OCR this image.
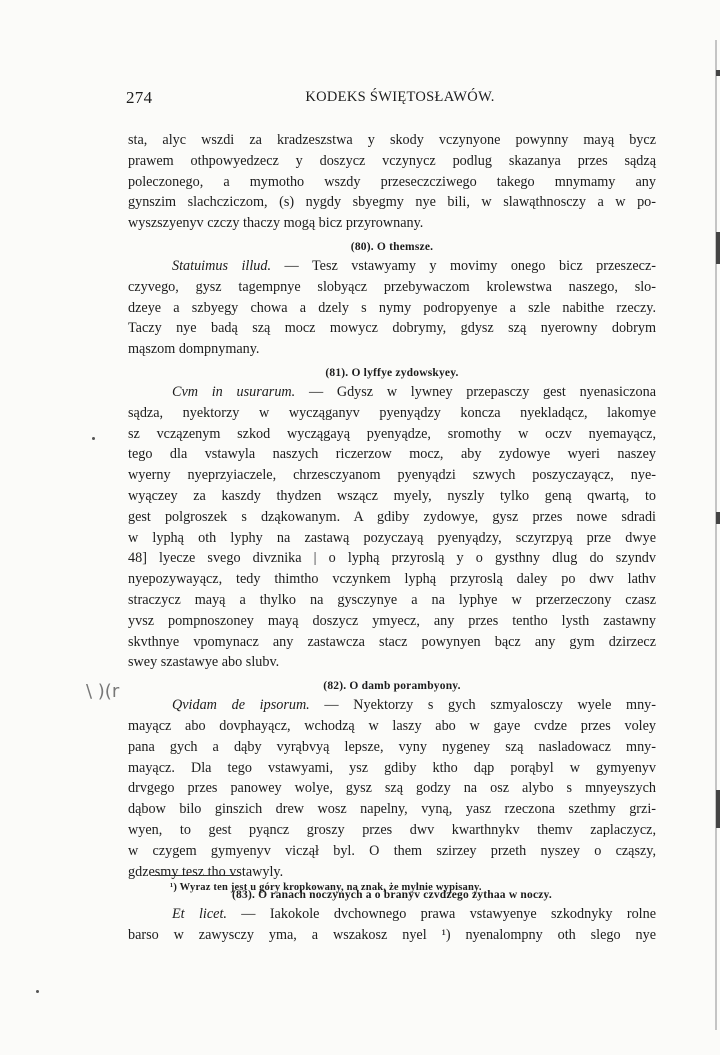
274	KODEKS ŚWIĘTOSŁAWÓW.
sta, alyc wszdi za kradzeszstwa y skody vczynyone powynny mayą bycz
prawem othpowyedzecz y doszycz vczynycz podlug skazanya przes sądzą
poleczonego, a mymotho wszdy przeseczcziwego takego mnymamy any
gynszim slachcziczom, (s) nygdy sbyegmy nye bili, w slawąthnosczy a w po-
wyszszyenyv czczy thaczy mogą bicz przyrownany.
(80). O themsze.
Statuimus illud. — Tesz vstawyamy y movimy onego bicz przeszecz-
czyvego, gysz tagempnye slobyącz przebywaczom krolewstwa naszego, slo-
dzeye a szbyegy chowa a dzely s nymy podropyenye a szle nabithe rzeczy.
Taczy nye badą szą mocz mowycz dobrymy, gdysz szą nyerowny dobrym
mąszom dompnymany.
(81). O lyffye zydowskyey.
Cvm in usurarum. — Gdysz w lywney przepasczy gest nyenasiczona
sądza, nyektorzy w wycząganyv pyenyądzy koncza nyekladącz, lakomye
sz vczązenym szkod wyczągayą pyenyądze, sromothy w oczv nyemayącz,
tego dla vstawyla naszych riczerzow mocz, aby zydowye wyeri naszey
wyerny nyeprzyiaczele, chrzesczyanom pyenyądzi szwych poszyczayącz, nye-
wyączey za kaszdy thydzen wszącz myely, nyszly tylko geną qwartą, to
gest polgroszek s dząkowanym. A gdiby zydowye, gysz przes nowe sdradi
w lyphą oth lyphy na zastawą pozyczayą pyenyądzy, sczyrzpyą prze dwye
48] lyecze svego divznika | o lyphą przyroslą y o gysthny dlug do szyndv
nyepozywayącz, tedy thimtho vczynkem lyphą przyroslą daley po dwv lathv
straczycz mayą a thylko na gysczynye a na lyphye w przerzeczony czasz
yvsz pompnoszoney mayą doszycz ymyecz, any przes tentho lysth zastawny
skvthnye vpomynacz any zastawcza stacz powynyen bącz any gym dzirzecz
swey szastawye abo slubv.
(82). O damb porambyony.
Qvidam de ipsorum. — Nyektorzy s gych szmyalosczy wyele mny-
mayącz abo dovphayącz, wchodzą w laszy abo w gaye cvdze przes voley
pana gych a dąby vyrąbvyą lepsze, vyny nygeney szą nasladowacz mny-
mayącz. Dla tego vstawyami, ysz gdiby ktho dąp porąbyl w gymyenyv
drvgego przes panowey wolye, gysz szą godzy na osz alybo s mnyeyszych
dąbow bilo ginszich drew wosz napelny, vyną, yasz rzeczona szethmy grzi-
wyen, to gest pyąncz groszy przes dwv kwarthnykv themv zaplaczycz,
w czygem gymyenyv viczął byl. O them szirzey przeth nyszey o cząszy,
gdzesmy tesz tho vstawyly.
(83). O ranach noczynych a o branyv czvdzego zythaa w noczy.
Et licet. — Iakokole dvchownego prawa vstawyenye szkodnyky rolne
barso w zawysczy yma, a wszakosz nyel ¹) nyenalompny oth slego nye
¹) Wyraz ten jest u góry kropkowany, na znak, że mylnie wypisany.
\ )(r
